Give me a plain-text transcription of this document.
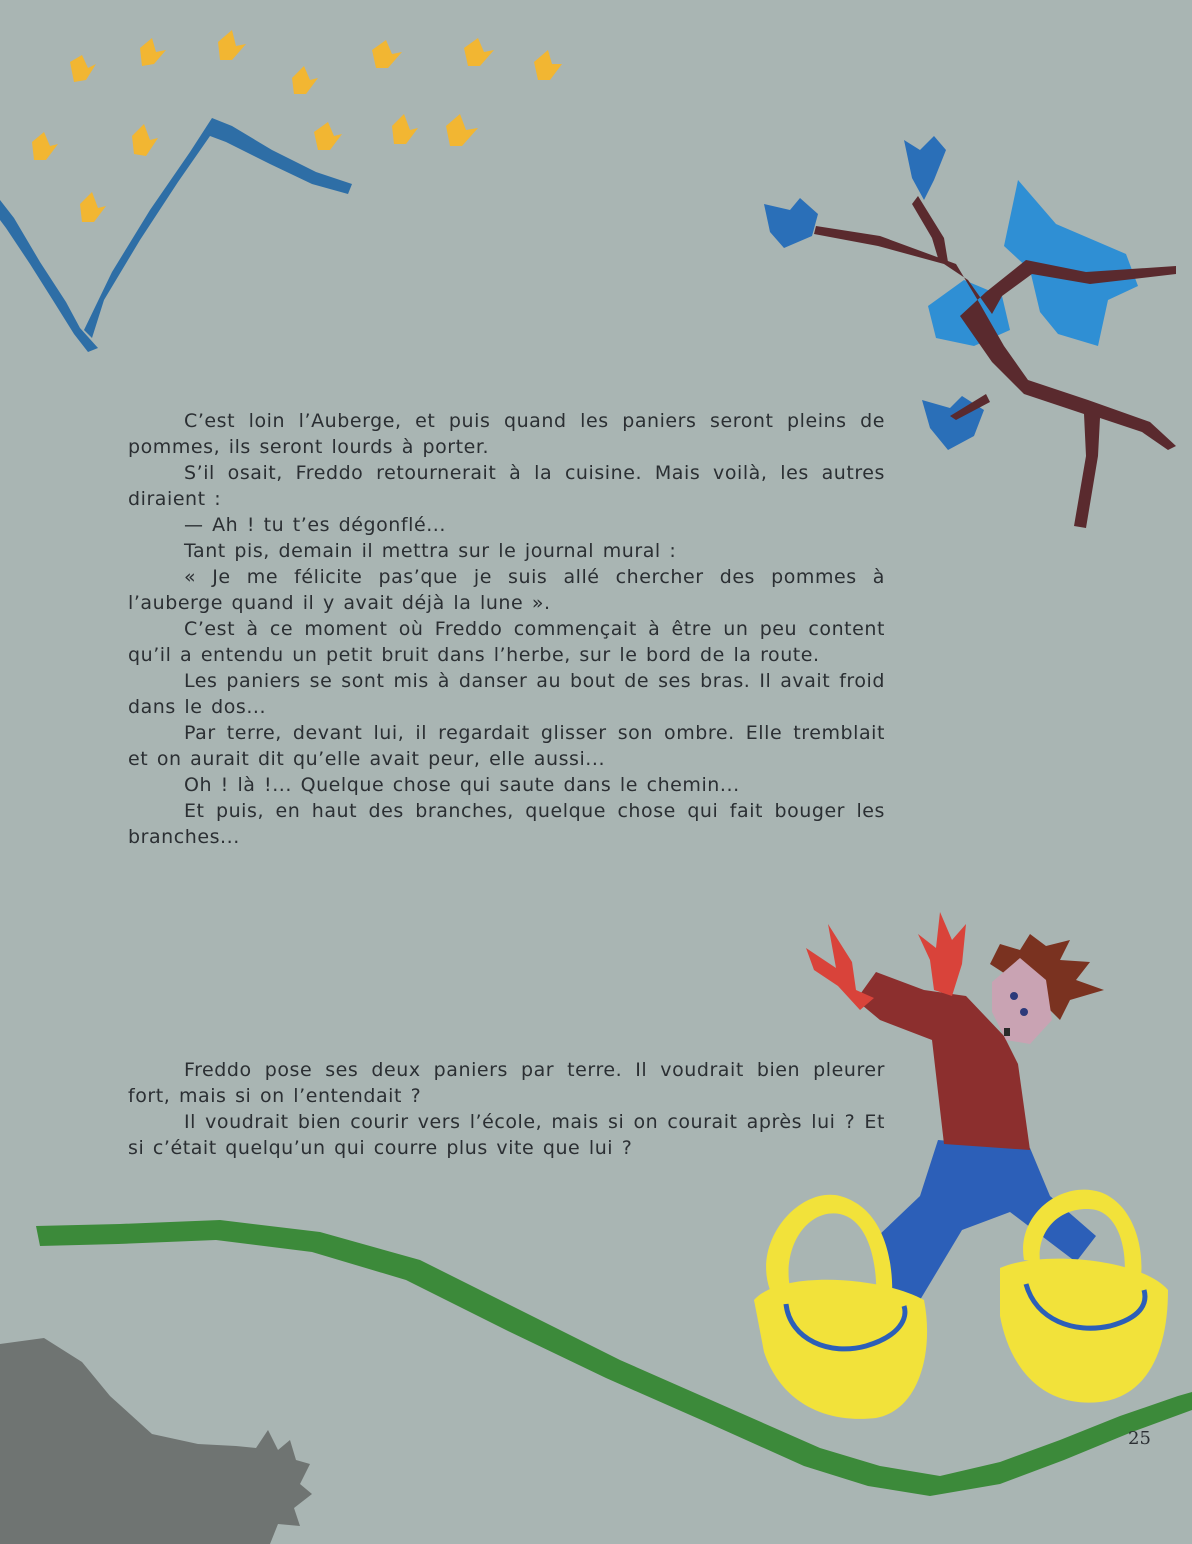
C’est loin l’Auberge, et puis quand les paniers seront pleins de pommes, ils seront lourds à porter.

S’il osait, Freddo retournerait à la cuisine. Mais voilà, les autres diraient :

— Ah ! tu t’es dégonflé...

Tant pis, demain il mettra sur le journal mural :

« Je me félicite pas’que je suis allé chercher des pommes à l’auberge quand il y avait déjà la lune ».

C’est à ce moment où Freddo commençait à être un peu content qu’il a entendu un petit bruit dans l’herbe, sur le bord de la route.

Les paniers se sont mis à danser au bout de ses bras. Il avait froid dans le dos...

Par terre, devant lui, il regardait glisser son ombre. Elle tremblait et on aurait dit qu’elle avait peur, elle aussi...

Oh ! là !... Quelque chose qui saute dans le chemin...

Et puis, en haut des branches, quelque chose qui fait bouger les branches...

Freddo pose ses deux paniers par terre. Il voudrait bien pleurer fort, mais si on l’entendait ?

Il voudrait bien courir vers l’école, mais si on courait après lui ? Et si c’était quelqu’un qui courre plus vite que lui ?

25
